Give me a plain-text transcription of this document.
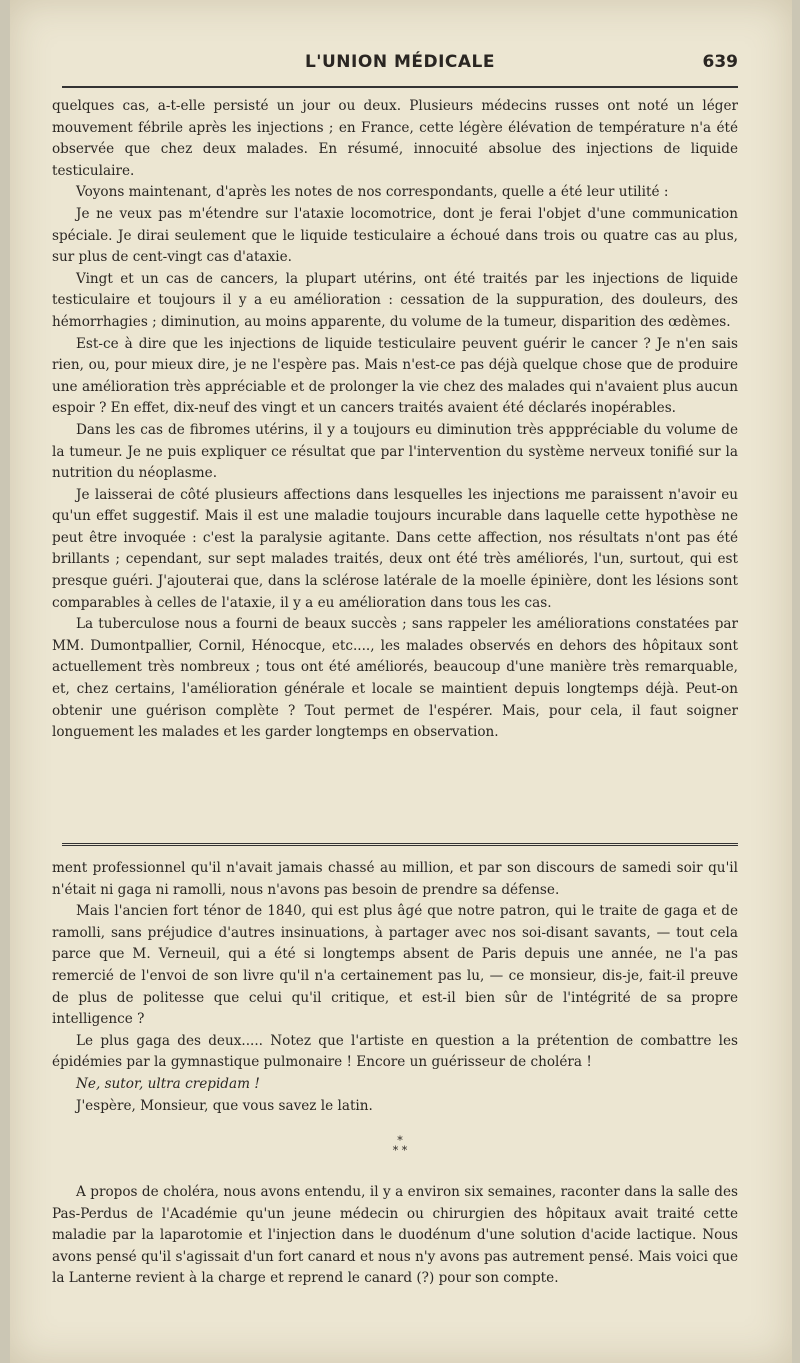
L'UNION MÉDICALE	639

quelques cas, a-t-elle persisté un jour ou deux. Plusieurs médecins russes ont noté un léger mouvement fébrile après les injections ; en France, cette légère élévation de température n'a été observée que chez deux malades. En résumé, innocuité absolue des injections de liquide testiculaire.

Voyons maintenant, d'après les notes de nos correspondants, quelle a été leur utilité :

Je ne veux pas m'étendre sur l'ataxie locomotrice, dont je ferai l'objet d'une communication spéciale. Je dirai seulement que le liquide testiculaire a échoué dans trois ou quatre cas au plus, sur plus de cent-vingt cas d'ataxie.

Vingt et un cas de cancers, la plupart utérins, ont été traités par les injections de liquide testiculaire et toujours il y a eu amélioration : cessation de la suppuration, des douleurs, des hémorrhagies ; diminution, au moins apparente, du volume de la tumeur, disparition des œdèmes.

Est-ce à dire que les injections de liquide testiculaire peuvent guérir le cancer ? Je n'en sais rien, ou, pour mieux dire, je ne l'espère pas. Mais n'est-ce pas déjà quelque chose que de produire une amélioration très appréciable et de prolonger la vie chez des malades qui n'avaient plus aucun espoir ? En effet, dix-neuf des vingt et un cancers traités avaient été déclarés inopérables.

Dans les cas de fibromes utérins, il y a toujours eu diminution très apppréciable du volume de la tumeur. Je ne puis expliquer ce résultat que par l'intervention du système nerveux tonifié sur la nutrition du néoplasme.

Je laisserai de côté plusieurs affections dans lesquelles les injections me paraissent n'avoir eu qu'un effet suggestif. Mais il est une maladie toujours incurable dans laquelle cette hypothèse ne peut être invoquée : c'est la paralysie agitante. Dans cette affection, nos résultats n'ont pas été brillants ; cependant, sur sept malades traités, deux ont été très améliorés, l'un, surtout, qui est presque guéri. J'ajouterai que, dans la sclérose latérale de la moelle épinière, dont les lésions sont comparables à celles de l'ataxie, il y a eu amélioration dans tous les cas.

La tuberculose nous a fourni de beaux succès ; sans rappeler les améliorations constatées par MM. Dumontpallier, Cornil, Hénocque, etc...., les malades observés en dehors des hôpitaux sont actuellement très nombreux ; tous ont été améliorés, beaucoup d'une manière très remarquable, et, chez certains, l'amélioration générale et locale se maintient depuis longtemps déjà. Peut-on obtenir une guérison complète ? Tout permet de l'espérer. Mais, pour cela, il faut soigner longuement les malades et les garder longtemps en observation.

ment professionnel qu'il n'avait jamais chassé au million, et par son discours de samedi soir qu'il n'était ni gaga ni ramolli, nous n'avons pas besoin de prendre sa défense.

Mais l'ancien fort ténor de 1840, qui est plus âgé que notre patron, qui le traite de gaga et de ramolli, sans préjudice d'autres insinuations, à partager avec nos soi-disant savants, — tout cela parce que M. Verneuil, qui a été si longtemps absent de Paris depuis une année, ne l'a pas remercié de l'envoi de son livre qu'il n'a certainement pas lu, — ce monsieur, dis-je, fait-il preuve de plus de politesse que celui qu'il critique, et est-il bien sûr de l'intégrité de sa propre intelligence ?

Le plus gaga des deux..... Notez que l'artiste en question a la prétention de combattre les épidémies par la gymnastique pulmonaire ! Encore un guérisseur de choléra !

Ne, sutor, ultra crepidam !

J'espère, Monsieur, que vous savez le latin.

*
* *

A propos de choléra, nous avons entendu, il y a environ six semaines, raconter dans la salle des Pas-Perdus de l'Académie qu'un jeune médecin ou chirurgien des hôpitaux avait traité cette maladie par la laparotomie et l'injection dans le duodénum d'une solution d'acide lactique. Nous avons pensé qu'il s'agissait d'un fort canard et nous n'y avons pas autrement pensé. Mais voici que la Lanterne revient à la charge et reprend le canard (?) pour son compte.
